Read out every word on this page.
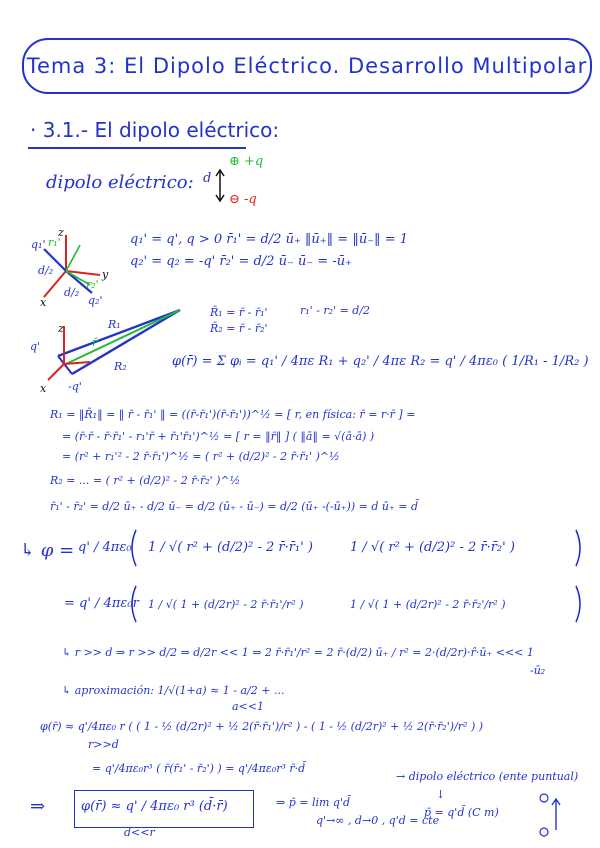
Tema 3: El Dipolo Eléctrico. Desarrollo Multipolar
· 3.1.- El dipolo eléctrico:
dipolo eléctrico: d
⊕ +q
⊖ -q
z
y
x
q₁'
q₂'
d/₂
d/₂
r₁'
r₂'
q₁' = q', q > 0 r̄₁' = d/2 ū₊ ‖ū₊‖ = ‖ū₋‖ = 1
q₂' = q₂ = -q' r̄₂' = d/2 ū₋ ū₋ = -ū₊
q'
-q'
R₁
R₂
r̄
x
z
R̄₁ = r̄ - r̄₁'
R̄₂ = r̄ - r̄₂'
r₁' - r₂' = d/2
φ(r̄) = Σ φᵢ = q₁' / 4πε R₁ + q₂' / 4πε R₂ = q' / 4πε₀ ( 1/R₁ - 1/R₂ )
R₁ = ‖R̄₁‖ = ‖ r̄ - r̄₁' ‖ = ((r̄-r̄₁')(r̄-r̄₁'))^½ = [ r, en física: r̄ = r·r̄ ] =
= (r̄·r̄ - r̄·r̄₁' - r₁'r̄ + r̄₁'r̄₁')^½ = [ r = ‖r̄‖ ] ( ‖ā‖ = √(ā·ā) )
= (r² + r₁'² - 2 r̄·r̄₁')^½ = ( r² + (d/2)² - 2 r̄·r̄₁' )^½
R₂ = ... = ( r² + (d/2)² - 2 r̄·r̄₂' )^½
r̄₁' - r̄₂' = d/2 ū₊ - d/2 ū₋ = d/2 (ū₊ - ū₋) = d/2 (ū₊ -(-ū₊)) = d ū₊ = d̄
↳ φ = q' / 4πε₀ 1 / √( r² + (d/2)² - 2 r̄·r̄₁' )	1 / √( r² + (d/2)² - 2 r̄·r̄₂' )
= q' / 4πε₀r 1 / √( 1 + (d/2r)² - 2 r̄·r̄₁'/r² )	1 / √( 1 + (d/2r)² - 2 r̄·r̄₂'/r² )
↳ r >> d ⇒ r >> d/2 ⇒ d/2r << 1 ⇒ 2 r̄·r̄₁'/r² = 2 r̄·(d/2) ū₊ / r² = 2·(d/2r)·r̂·ū₊ <<< 1
-ū₂
↳ aproximación: 1/√(1+a) ≈ 1 - a/2 + ...
a<<1
φ(r̄) ≈ q'/4πε₀ r ( ( 1 - ½ (d/2r)² + ½ 2(r̄·r̄₁')/r² ) - ( 1 - ½ (d/2r)² + ½ 2(r̄·r̄₂')/r² ) )
r>>d
= q'/4πε₀r³ ( r̄(r̄₁' - r̄₂') ) = q'/4πε₀r³ r̄·d̄
⇒	φ(r̄) ≈ q' / 4πε₀ r³ (d̄·r̄)
d<<r
⇒ p̄ = lim q'd̄
q'→∞ , d→0 , q'd = cte
→ dipolo eléctrico (ente puntual)
↓
p̄ = q'd̄ (C m)
